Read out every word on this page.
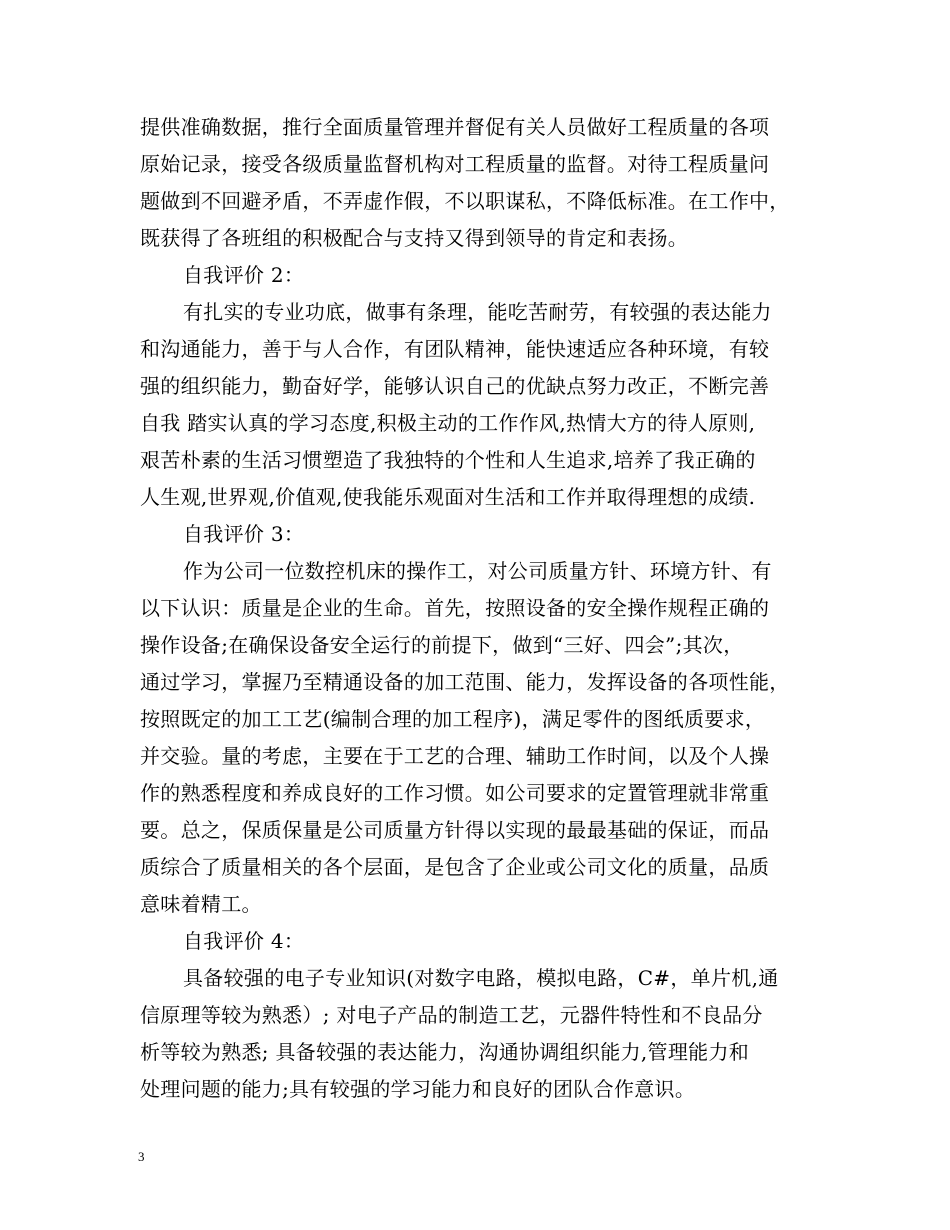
提供准确数据，推行全面质量管理并督促有关人员做好工程质量的各项
原始记录，接受各级质量监督机构对工程质量的监督。对待工程质量问
题做到不回避矛盾，不弄虚作假，不以职谋私，不降低标准。在工作中，
既获得了各班组的积极配合与支持又得到领导的肯定和表扬。
自我评价 2：
有扎实的专业功底，做事有条理，能吃苦耐劳，有较强的表达能力
和沟通能力，善于与人合作，有团队精神，能快速适应各种环境，有较
强的组织能力，勤奋好学，能够认识自己的优缺点努力改正，不断完善
自我 踏实认真的学习态度,积极主动的工作作风,热情大方的待人原则,
艰苦朴素的生活习惯塑造了我独特的个性和人生追求,培养了我正确的
人生观,世界观,价值观,使我能乐观面对生活和工作并取得理想的成绩.
自我评价 3：
作为公司一位数控机床的操作工，对公司质量方针、环境方针、有
以下认识：质量是企业的生命。首先，按照设备的安全操作规程正确的
操作设备;在确保设备安全运行的前提下，做到“三好、四会”;其次，
通过学习，掌握乃至精通设备的加工范围、能力，发挥设备的各项性能，
按照既定的加工工艺(编制合理的加工程序)，满足零件的图纸质要求，
并交验。量的考虑，主要在于工艺的合理、辅助工作时间，以及个人操
作的熟悉程度和养成良好的工作习惯。如公司要求的定置管理就非常重
要。总之，保质保量是公司质量方针得以实现的最最基础的保证，而品
质综合了质量相关的各个层面，是包含了企业或公司文化的质量，品质
意味着精工。
自我评价 4：
具备较强的电子专业知识(对数字电路，模拟电路，C#，单片机,通
信原理等较为熟悉）; 对电子产品的制造工艺，元器件特性和不良品分
析等较为熟悉; 具备较强的表达能力，沟通协调组织能力,管理能力和
处理问题的能力;具有较强的学习能力和良好的团队合作意识。
3
